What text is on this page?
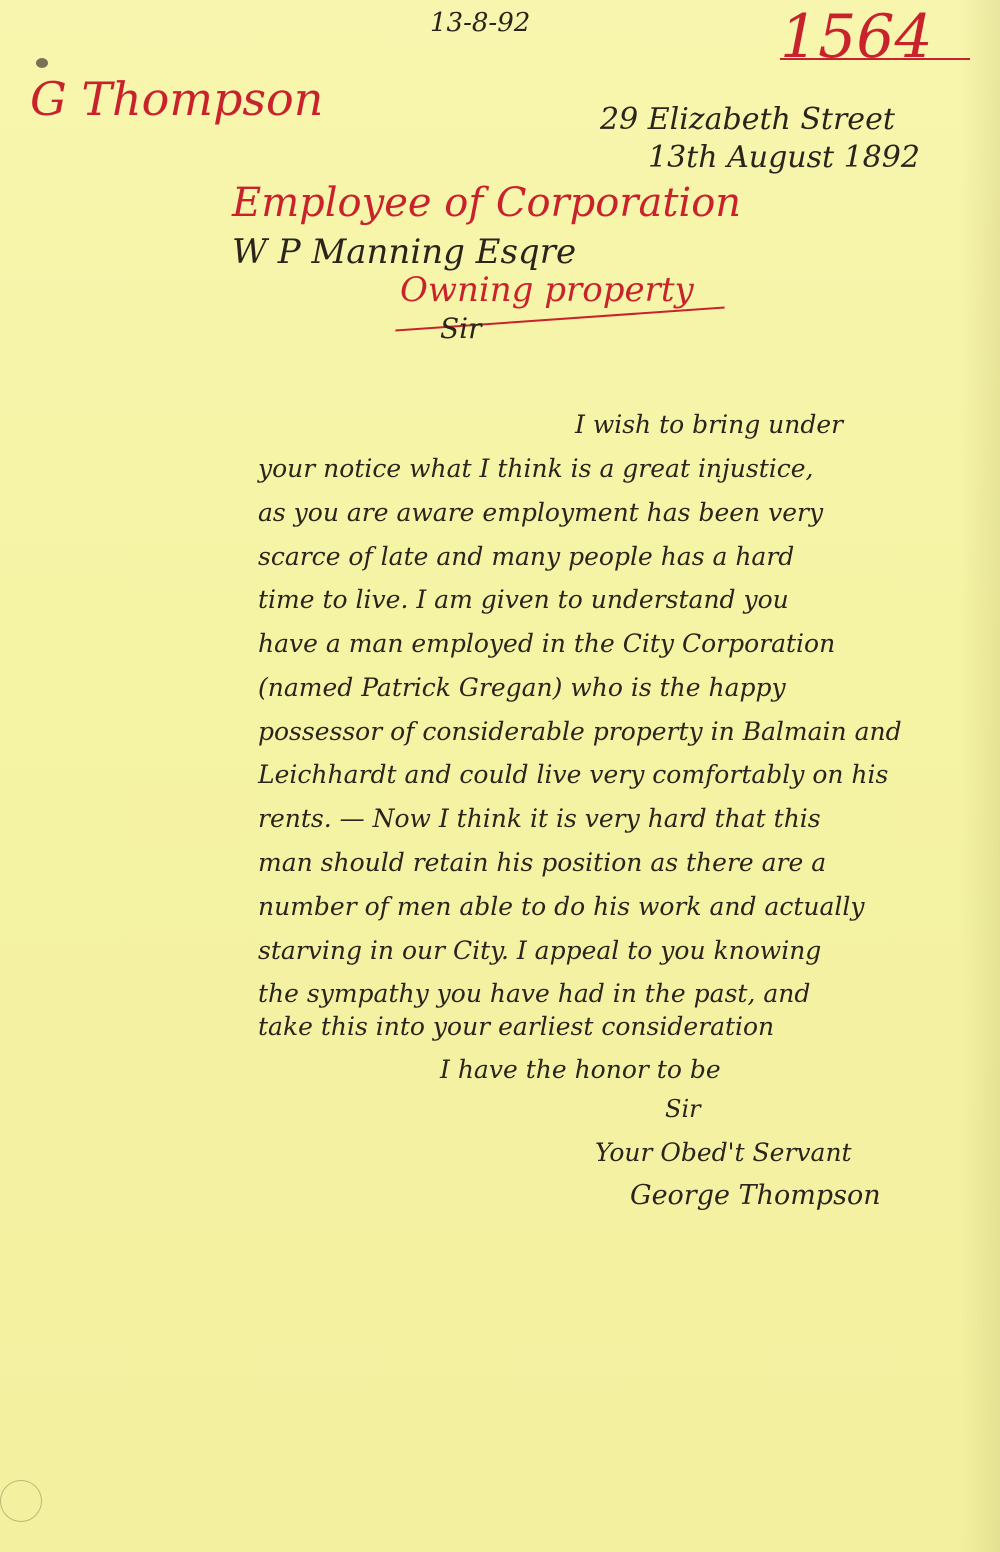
13-8-92	1564
G Thompson	29 Elizabeth Street
13th August 1892
Employee of Corporation
W P Manning Esqre
Owning property
Sir
I wish to bring under
your notice what I think is a great injustice,
as you are aware employment has been very
scarce of late and many people has a hard
time to live. I am given to understand you
have a man employed in the City Corporation
(named Patrick Gregan) who is the happy
possessor of considerable property in Balmain and
Leichhardt and could live very comfortably on his
rents. — Now I think it is very hard that this
man should retain his position as there are a
number of men able to do his work and actually
starving in our City. I appeal to you knowing
the sympathy you have had in the past, and
take this into your earliest consideration
I have the honor to be
Sir
Your Obed't Servant
George Thompson
